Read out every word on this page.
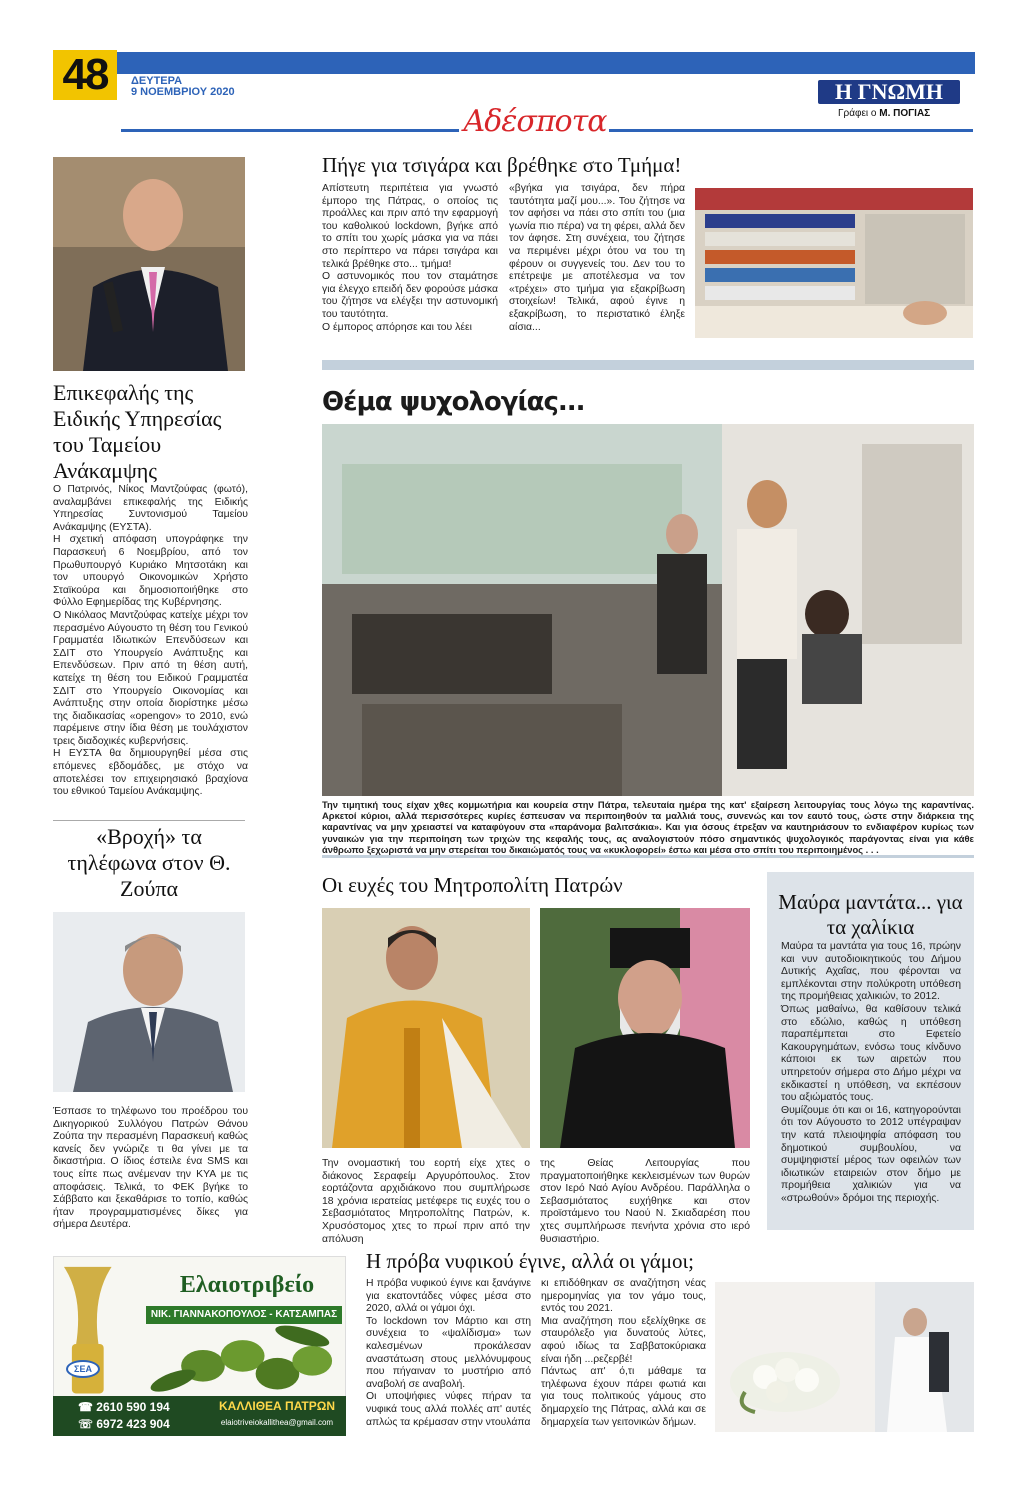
48	ΔΕΥΤΕΡΑ
9 ΝΟΕΜΒΡΙΟΥ 2020
Αδέσποτα
Η ΓΝΩΜΗ
Γράφει ο Μ. ΠΟΓΙΑΣ
Επικεφαλής της Ειδικής Υπηρεσίας του Ταμείου Ανάκαμψης
Ο Πατρινός, Νίκος Μαντζούφας (φωτό), αναλαμβάνει επικεφαλής της Ειδικής Υπηρεσίας Συντονισμού Ταμείου Ανάκαμψης (ΕΥΣΤΑ).
Η σχετική απόφαση υπογράφηκε την Παρασκευή 6 Νοεμβρίου, από τον Πρωθυπουργό Κυριάκο Μητσοτάκη και τον υπουργό Οικονομικών Χρήστο Σταϊκούρα και δημοσιοποιήθηκε στο Φύλλο Εφημερίδας της Κυβέρνησης.
Ο Νικόλαος Μαντζούφας κατείχε μέχρι τον περασμένο Αύγουστο τη θέση του Γενικού Γραμματέα Ιδιωτικών Επενδύσεων και ΣΔΙΤ στο Υπουργείο Ανάπτυξης και Επενδύσεων. Πριν από τη θέση αυτή, κατείχε τη θέση του Ειδικού Γραμματέα ΣΔΙΤ στο Υπουργείο Οικονομίας και Ανάπτυξης στην οποία διορίστηκε μέσω της διαδικασίας «opengov» το 2010, ενώ παρέμεινε στην ίδια θέση με τουλάχιστον τρεις διαδοχικές κυβερνήσεις.
Η ΕΥΣΤΑ θα δημιουργηθεί μέσα στις επόμενες εβδομάδες, με στόχο να αποτελέσει τον επιχειρησιακό βραχίονα του εθνικού Ταμείου Ανάκαμψης.
«Βροχή» τα τηλέφωνα στον Θ. Ζούπα
Έσπασε το τηλέφωνο του προέδρου του Δικηγορικού Συλλόγου Πατρών Θάνου Ζούπα την περασμένη Παρασκευή καθώς κανείς δεν γνώριζε τι θα γίνει με τα δικαστήρια. Ο ίδιος έστειλε ένα SMS και τους είπε πως ανέμεναν την ΚΥΑ με τις αποφάσεις. Τελικά, το ΦΕΚ βγήκε το Σάββατο και ξεκαθάρισε το τοπίο, καθώς ήταν προγραμματισμένες δίκες για σήμερα Δευτέρα.
Πήγε για τσιγάρα και βρέθηκε στο Τμήμα!
Απίστευτη περιπέτεια για γνωστό έμπορο της Πάτρας, ο οποίος τις προάλλες και πριν από την εφαρμογή του καθολικού lockdown, βγήκε από το σπίτι του χωρίς μάσκα για να πάει στο περίπτερο να πάρει τσιγάρα και τελικά βρέθηκε στο... τμήμα!
Ο αστυνομικός που τον σταμάτησε για έλεγχο επειδή δεν φορούσε μάσκα του ζήτησε να ελέγξει την αστυνομική του ταυτότητα.
Ο έμπορος απόρησε και του λέει
«βγήκα για τσιγάρα, δεν πήρα ταυτότητα μαζί μου...». Του ζήτησε να τον αφήσει να πάει στο σπίτι του (μια γωνία πιο πέρα) να τη φέρει, αλλά δεν τον άφησε. Στη συνέχεια, του ζήτησε να περιμένει μέχρι ότου να του τη φέρουν οι συγγενείς του. Δεν του το επέτρεψε με αποτέλεσμα να τον «τρέχει» στο τμήμα για εξακρίβωση στοιχείων! Τελικά, αφού έγινε η εξακρίβωση, το περιστατικό έληξε αίσια...
Θέμα ψυχολογίας...
Την τιμητική τους είχαν χθες κομμωτήρια και κουρεία στην Πάτρα, τελευταία ημέρα της κατ' εξαίρεση λειτουργίας τους λόγω της καραντίνας. Αρκετοί κύριοι, αλλά περισσότερες κυρίες έσπευσαν να περιποιηθούν τα μαλλιά τους, συνενώς και τον εαυτό τους, ώστε στην διάρκεια της καραντίνας να μην χρειαστεί να καταφύγουν στα «παράνομα βαλιτσάκια». Και για όσους έτρεξαν να καυτηριάσουν το ενδιαφέρον κυρίως των γυναικών για την περιποίηση των τριχών της κεφαλής τους, ας αναλογιστούν πόσο σημαντικός ψυχολογικός παράγοντας είναι για κάθε άνθρωπο ξεχωριστά να μην στερείται του δικαιώματός τους να «κυκλοφορεί» έστω και μέσα στο σπίτι του περιποιημένος . . .
Οι ευχές του Μητροπολίτη Πατρών
Την ονομαστική του εορτή είχε χτες ο διάκονος Σεραφείμ Αργυρόπουλος. Στον εορτάζοντα αρχιδιάκονο που συμπλήρωσε 18 χρόνια ιερατείας μετέφερε τις ευχές του ο Σεβασμιότατος Μητροπολίτης Πατρών, κ. Χρυσόστομος χτες το πρωί πριν από την απόλυση
της Θείας Λειτουργίας που πραγματοποιήθηκε κεκλεισμένων των θυρών στον Ιερό Ναό Αγίου Ανδρέου. Παράλληλα ο Σεβασμιότατος ευχήθηκε και στον προϊστάμενο του Ναού Ν. Σκιαδαρέση που χτες συμπλήρωσε πενήντα χρόνια στο ιερό θυσιαστήριο.
Μαύρα μαντάτα... για τα χαλίκια
Μαύρα τα μαντάτα για τους 16, πρώην και νυν αυτοδιοικητικούς του Δήμου Δυτικής Αχαΐας, που φέρονται να εμπλέκονται στην πολύκροτη υπόθεση της προμήθειας χαλικιών, το 2012.
Όπως μαθαίνω, θα καθίσουν τελικά στο εδώλιο, καθώς η υπόθεση παραπέμπεται στο Εφετείο Κακουργημάτων, ενόσω τους κίνδυνο κάποιοι εκ των αιρετών που υπηρετούν σήμερα στο Δήμο μέχρι να εκδικαστεί η υπόθεση, να εκπέσουν του αξιώματός τους.
Θυμίζουμε ότι και οι 16, κατηγορούνται ότι τον Αύγουστο το 2012 υπέγραψαν την κατά πλειοψηφία απόφαση του δημοτικού συμβουλίου, να συμψηφιστεί μέρος των οφειλών των ιδιωτικών εταιρειών στον δήμο με προμήθεια χαλικιών για να «στρωθούν» δρόμοι της περιοχής.
Ελαιοτριβείο
ΝΙΚ. ΓΙΑΝΝΑΚΟΠΟΥΛΟΣ - ΚΑΤΣΑΜΠΑΣ
ΣΕΑ
☎ 2610 590 194
☏ 6972 423 904
ΚΑΛΛΙΘΕΑ ΠΑΤΡΩΝ
elaiotriveiokallithea@gmail.com
Η πρόβα νυφικού έγινε, αλλά οι γάμοι;
Η πρόβα νυφικού έγινε και ξανάγινε για εκατοντάδες νύφες μέσα στο 2020, αλλά οι γάμοι όχι.
Το lockdown τον Μάρτιο και στη συνέχεια το «ψαλίδισμα» των καλεσμένων προκάλεσαν αναστάτωση στους μελλόνυμφους που πήγαιναν το μυστήριο από αναβολή σε αναβολή.
Οι υποψήφιες νύφες πήραν τα νυφικά τους αλλά πολλές απ' αυτές απλώς τα κρέμασαν στην ντουλάπα
κι επιδόθηκαν σε αναζήτηση νέας ημερομηνίας για τον γάμο τους, εντός του 2021.
Μια αναζήτηση που εξελίχθηκε σε σταυρόλεξο για δυνατούς λύτες, αφού ιδίως τα Σαββατοκύριακα είναι ήδη ...ρεζερβέ!
Πάντως απ' ό,τι μάθαμε τα τηλέφωνα έχουν πάρει φωτιά και για τους πολιτικούς γάμους στο δημαρχείο της Πάτρας, αλλά και σε δημαρχεία των γειτονικών δήμων.
